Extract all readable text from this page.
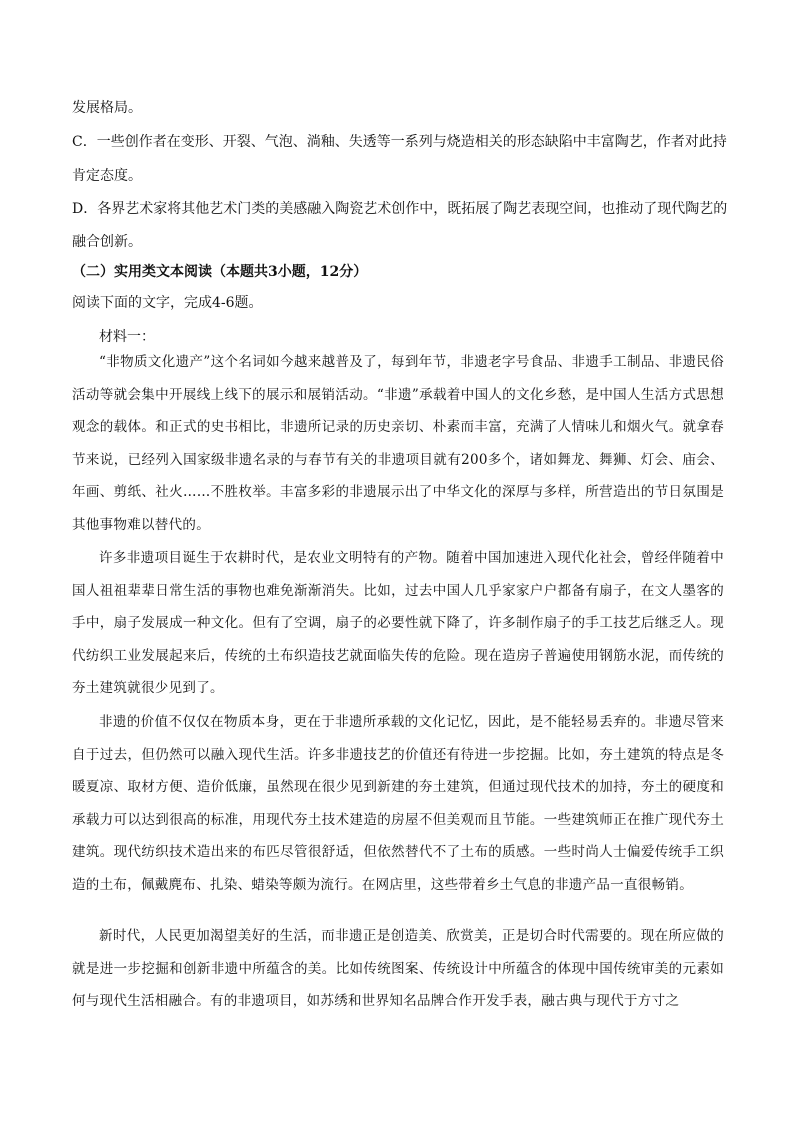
发展格局。
C．一些创作者在变形、开裂、气泡、淌釉、失透等一系列与烧造相关的形态缺陷中丰富陶艺，作者对此持
肯定态度。
D．各界艺术家将其他艺术门类的美感融入陶瓷艺术创作中，既拓展了陶艺表现空间，也推动了现代陶艺的
融合创新。
（二）实用类文本阅读（本题共3小题，12分）
阅读下面的文字，完成4-6题。
材料一：

“非物质文化遗产”这个名词如今越来越普及了，每到年节，非遗老字号食品、非遗手工制品、非遗民俗活动等就会集中开展线上线下的展示和展销活动。“非遗”承载着中国人的文化乡愁，是中国人生活方式思想观念的载体。和正式的史书相比，非遗所记录的历史亲切、朴素而丰富，充满了人情味儿和烟火气。就拿春节来说，已经列入国家级非遗名录的与春节有关的非遗项目就有200多个，诸如舞龙、舞狮、灯会、庙会、年画、剪纸、社火……不胜枚举。丰富多彩的非遗展示出了中华文化的深厚与多样，所营造出的节日氛围是其他事物难以替代的。

许多非遗项目诞生于农耕时代，是农业文明特有的产物。随着中国加速进入现代化社会，曾经伴随着中国人祖祖辈辈日常生活的事物也难免渐渐消失。比如，过去中国人几乎家家户户都备有扇子，在文人墨客的手中，扇子发展成一种文化。但有了空调，扇子的必要性就下降了，许多制作扇子的手工技艺后继乏人。现代纺织工业发展起来后，传统的土布织造技艺就面临失传的危险。现在造房子普遍使用钢筋水泥，而传统的夯土建筑就很少见到了。

非遗的价值不仅仅在物质本身，更在于非遗所承载的文化记忆，因此，是不能轻易丢弃的。非遗尽管来自于过去，但仍然可以融入现代生活。许多非遗技艺的价值还有待进一步挖掘。比如，夯土建筑的特点是冬暖夏凉、取材方便、造价低廉，虽然现在很少见到新建的夯土建筑，但通过现代技术的加持，夯土的硬度和承载力可以达到很高的标准，用现代夯土技术建造的房屋不但美观而且节能。一些建筑师正在推广现代夯土建筑。现代纺织技术造出来的布匹尽管很舒适，但依然替代不了土布的质感。一些时尚人士偏爱传统手工织造的土布，佩戴麂布、扎染、蜡染等颇为流行。在网店里，这些带着乡土气息的非遗产品一直很畅销。

新时代，人民更加渴望美好的生活，而非遗正是创造美、欣赏美，正是切合时代需要的。现在所应做的就是进一步挖掘和创新非遗中所蕴含的美。比如传统图案、传统设计中所蕴含的体现中国传统审美的元素如何与现代生活相融合。有的非遗项目，如苏绣和世界知名品牌合作开发手表，融古典与现代于方寸之
